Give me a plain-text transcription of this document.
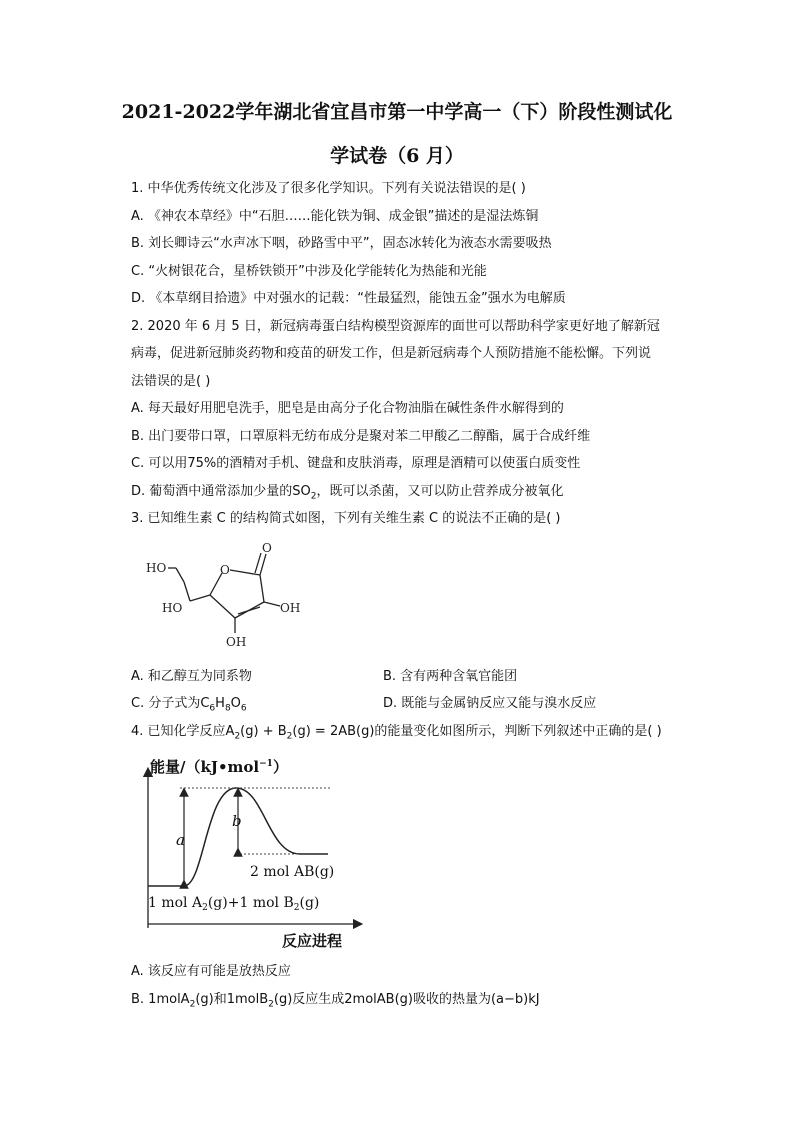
2021-2022学年湖北省宜昌市第一中学高一（下）阶段性测试化
学试卷（6 月）
1. 中华优秀传统文化涉及了很多化学知识。下列有关说法错误的是( )
A. 《神农本草经》中“石胆……能化铁为铜、成金银”描述的是湿法炼铜
B. 刘长卿诗云“水声冰下咽，砂路雪中平”，固态冰转化为液态水需要吸热
C. “火树银花合，星桥铁锁开”中涉及化学能转化为热能和光能
D. 《本草纲目拾遗》中对强水的记载：“性最猛烈，能蚀五金”强水为电解质
2. 2020 年 6 月 5 日，新冠病毒蛋白结构模型资源库的面世可以帮助科学家更好地了解新冠
病毒，促进新冠肺炎药物和疫苗的研发工作，但是新冠病毒个人预防措施不能松懈。下列说
法错误的是( )
A. 每天最好用肥皂洗手，肥皂是由高分子化合物油脂在碱性条件水解得到的
B. 出门要带口罩，口罩原料无纺布成分是聚对苯二甲酸乙二醇酯，属于合成纤维
C. 可以用75%的酒精对手机、键盘和皮肤消毒，原理是酒精可以使蛋白质变性
D. 葡萄酒中通常添加少量的$SO_2$，既可以杀菌，又可以防止营养成分被氧化
3. 已知维生素 C 的结构简式如图，下列有关维生素 C 的说法不正确的是( )
O
O
HO
HO	OH
OH
A. 和乙醇互为同系物	B. 含有两种含氧官能团
C. 分子式为$C_6H_8O_6$	D. 既能与金属钠反应又能与溴水反应
4. 已知化学反应$A_2(g) + B_2(g) = 2AB(g)$的能量变化如图所示，判断下列叙述中正确的是( )
能量/（kJ•mol$^{-1}$）
a
b
2 mol AB(g)
1 mol $A_2(g)+1$ mol $B_2(g)$
反应进程
A. 该反应有可能是放热反应
B. 1molA$_2$(g)和1molB$_2$(g)反应生成2molAB(g)吸收的热量为(a−b)kJ
